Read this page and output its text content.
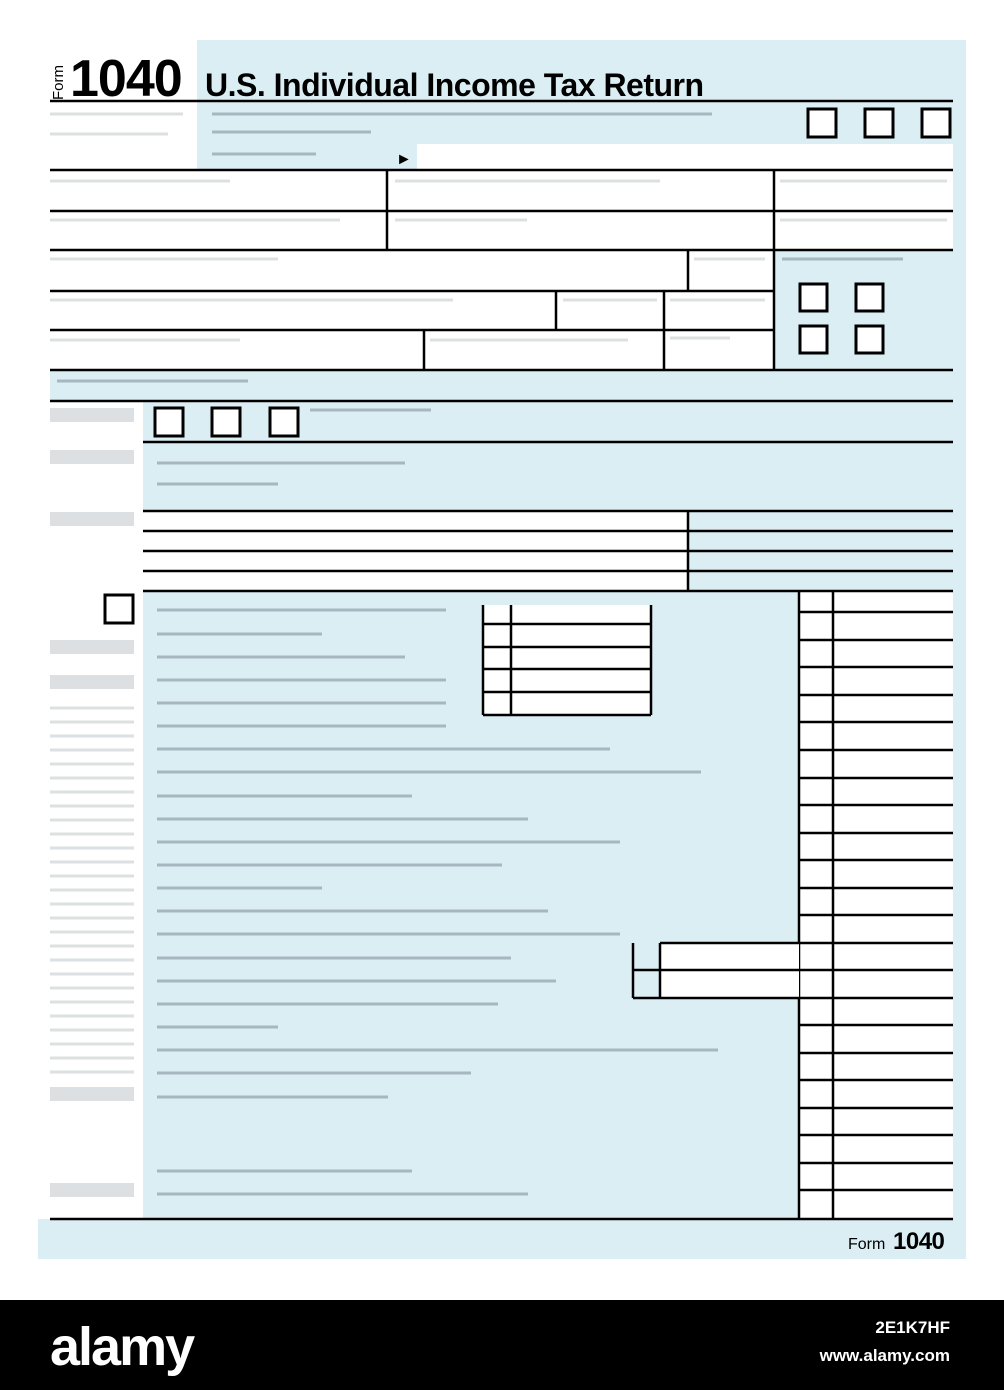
Form 1040 U.S. Individual Income Tax Return
►
Form 1040
alamy	2E1K7HF
www.alamy.com
